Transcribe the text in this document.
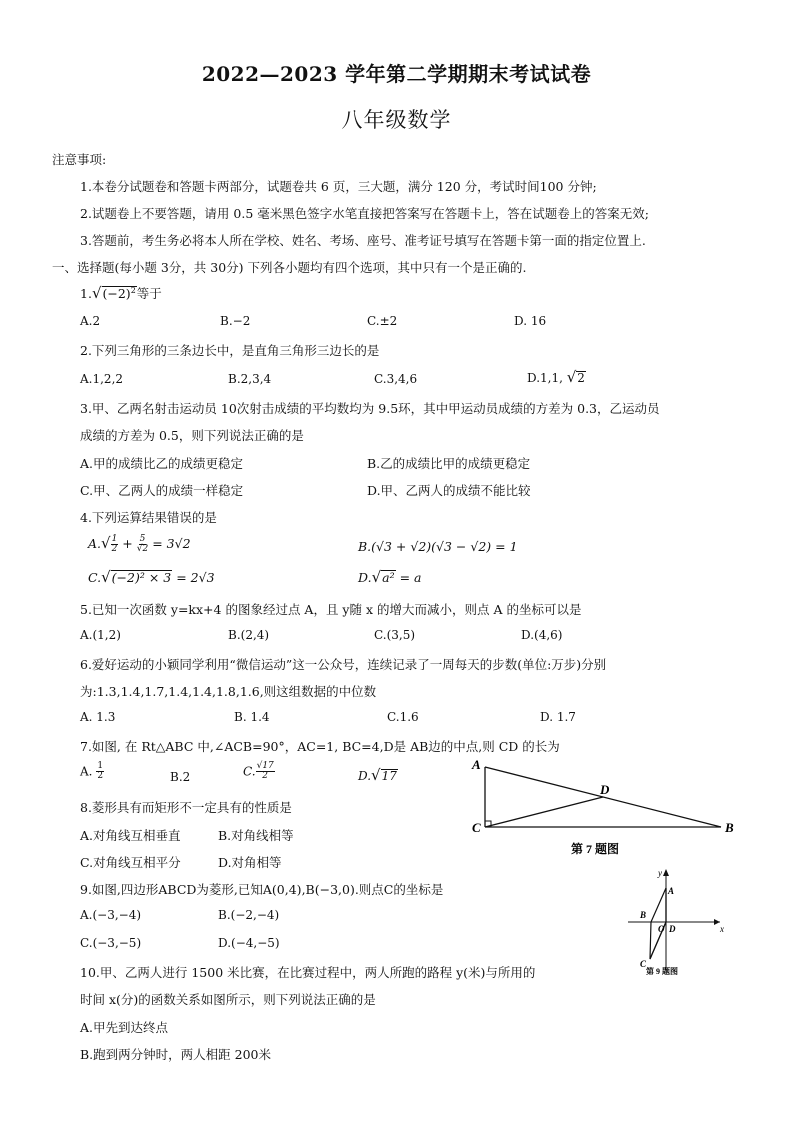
2022—2023 学年第二学期期末考试试卷
八年级数学
注意事项:
1.本卷分试题卷和答题卡两部分，试题卷共 6 页，三大题，满分 120 分，考试时间100 分钟;
2.试题卷上不要答题，请用 0.5 毫米黑色签字水笔直接把答案写在答题卡上，答在试题卷上的答案无效;
3.答题前，考生务必将本人所在学校、姓名、考场、座号、准考证号填写在答题卡第一面的指定位置上.
一、选择题(每小题 3分，共 30分) 下列各小题均有四个选项，其中只有一个是正确的.
$1.√(-2)^2$等于
A.2	B.−2	C.±2	D. 16
2.下列三角形的三条边长中，是直角三角形三边长的是
A.1,2,2	B.2,3,4	C.3,4,6	D.1,1, √2
3.甲、乙两名射击运动员 10次射击成绩的平均数均为 9.5环，其中甲运动员成绩的方差为 0.3，乙运动员
成绩的方差为 0.5，则下列说法正确的是
A.甲的成绩比乙的成绩更稳定	B.乙的成绩比甲的成绩更稳定
C.甲、乙两人的成绩一样稳定	D.甲、乙两人的成绩不能比较
4.下列运算结果错误的是
$A.√ \frac{1}{2} + \frac{5}{√2} = 3√2$	B.(√3 + √2)(√3 − √2) = 1
C.√(−2)² × 3 = 2√3	D.√a² = a
5.已知一次函数 y=kx+4 的图象经过点 A，且 y随 x 的增大而减小，则点 A 的坐标可以是
A.(1,2)	B.(2,4)	C.(3,5)	D.(4,6)
6.爱好运动的小颖同学利用“微信运动”这一公众号，连续记录了一周每天的步数(单位:万步)分别
为:1.3,1.4,1.7,1.4,1.4,1.8,1.6,则这组数据的中位数
A. 1.3	B. 1.4	C.1.6	D. 1.7
7.如图, 在 Rt△ABC 中,∠ACB=90°，AC=1, BC=4,D是 AB边的中点,则 CD 的长为
A. $\frac{1}{2}$	B.2	C. $\frac{√17}{2}$	D.√17
A
D
C	B
第 7 题图
8.菱形具有而矩形不一定具有的性质是
A.对角线互相垂直	B.对角线相等
C.对角线互相平分	D.对角相等
9.如图,四边形ABCD为菱形,已知A(0,4),B(−3,0).则点C的坐标是
A.(−3,−4)	B.(−2,−4)
C.(−3,−5)	D.(−4,−5)
y
A
B
O D	x
C
第 9 题图
10.甲、乙两人进行 1500 米比赛，在比赛过程中，两人所跑的路程 y(米)与所用的
时间 x(分)的函数关系如图所示，则下列说法正确的是
A.甲先到达终点
B.跑到两分钟时，两人相距 200米
